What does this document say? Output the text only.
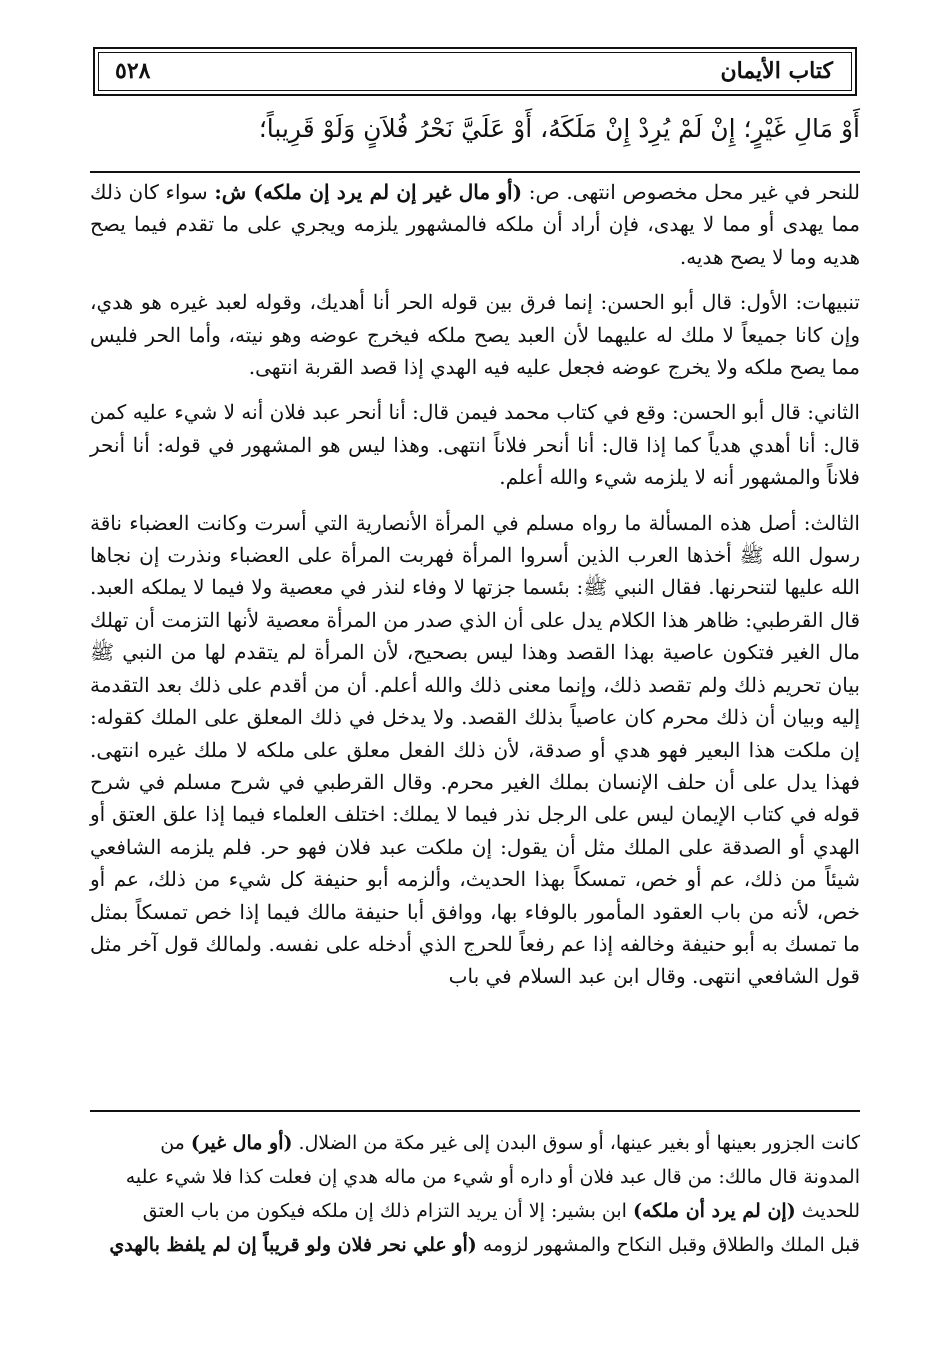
كتاب الأيمان
٥٢٨
أَوْ مَالِ غَيْرٍ؛ إِنْ لَمْ يُرِدْ إِنْ مَلَكَهُ، أَوْ عَلَيَّ نَحْرُ فُلاَنٍ وَلَوْ قَرِيباً؛

للنحر في غير محل مخصوص انتهى. ص: (أو مال غير إن لم يرد إن ملكه) ش: سواء كان ذلك مما يهدى أو مما لا يهدى، فإن أراد أن ملكه فالمشهور يلزمه ويجري على ما تقدم فيما يصح هديه وما لا يصح هديه.

تنبيهات: الأول: قال أبو الحسن: إنما فرق بين قوله الحر أنا أهديك، وقوله لعبد غيره هو هدي، وإن كانا جميعاً لا ملك له عليهما لأن العبد يصح ملكه فيخرج عوضه وهو نيته، وأما الحر فليس مما يصح ملكه ولا يخرج عوضه فجعل عليه فيه الهدي إذا قصد القربة انتهى.

الثاني: قال أبو الحسن: وقع في كتاب محمد فيمن قال: أنا أنحر عبد فلان أنه لا شيء عليه كمن قال: أنا أهدي هدياً كما إذا قال: أنا أنحر فلاناً انتهى. وهذا ليس هو المشهور في قوله: أنا أنحر فلاناً والمشهور أنه لا يلزمه شيء والله أعلم.

الثالث: أصل هذه المسألة ما رواه مسلم في المرأة الأنصارية التي أسرت وكانت العضباء ناقة رسول الله ﷺ أخذها العرب الذين أسروا المرأة فهربت المرأة على العضباء ونذرت إن نجاها الله عليها لتنحرنها. فقال النبي ﷺ: بئسما جزتها لا وفاء لنذر في معصية ولا فيما لا يملكه العبد. قال القرطبي: ظاهر هذا الكلام يدل على أن الذي صدر من المرأة معصية لأنها التزمت أن تهلك مال الغير فتكون عاصية بهذا القصد وهذا ليس بصحيح، لأن المرأة لم يتقدم لها من النبي ﷺ بيان تحريم ذلك ولم تقصد ذلك، وإنما معنى ذلك والله أعلم. أن من أقدم على ذلك بعد التقدمة إليه وبيان أن ذلك محرم كان عاصياً بذلك القصد. ولا يدخل في ذلك المعلق على الملك كقوله: إن ملكت هذا البعير فهو هدي أو صدقة، لأن ذلك الفعل معلق على ملكه لا ملك غيره انتهى. فهذا يدل على أن حلف الإنسان بملك الغير محرم. وقال القرطبي في شرح مسلم في شرح قوله في كتاب الإيمان ليس على الرجل نذر فيما لا يملك: اختلف العلماء فيما إذا علق العتق أو الهدي أو الصدقة على الملك مثل أن يقول: إن ملكت عبد فلان فهو حر. فلم يلزمه الشافعي شيئاً من ذلك، عم أو خص، تمسكاً بهذا الحديث، وألزمه أبو حنيفة كل شيء من ذلك، عم أو خص، لأنه من باب العقود المأمور بالوفاء بها، ووافق أبا حنيفة مالك فيما إذا خص تمسكاً بمثل ما تمسك به أبو حنيفة وخالفه إذا عم رفعاً للحرج الذي أدخله على نفسه. ولمالك قول آخر مثل قول الشافعي انتهى. وقال ابن عبد السلام في باب

كانت الجزور بعينها أو بغير عينها، أو سوق البدن إلى غير مكة من الضلال. (أو مال غير) من
المدونة قال مالك: من قال عبد فلان أو داره أو شيء من ماله هدي إن فعلت كذا فلا شيء عليه
للحديث (إن لم يرد أن ملكه) ابن بشير: إلا أن يريد التزام ذلك إن ملكه فيكون من باب العتق
قبل الملك والطلاق وقبل النكاح والمشهور لزومه (أو علي نحر فلان ولو قريباً إن لم يلفظ بالهدي
